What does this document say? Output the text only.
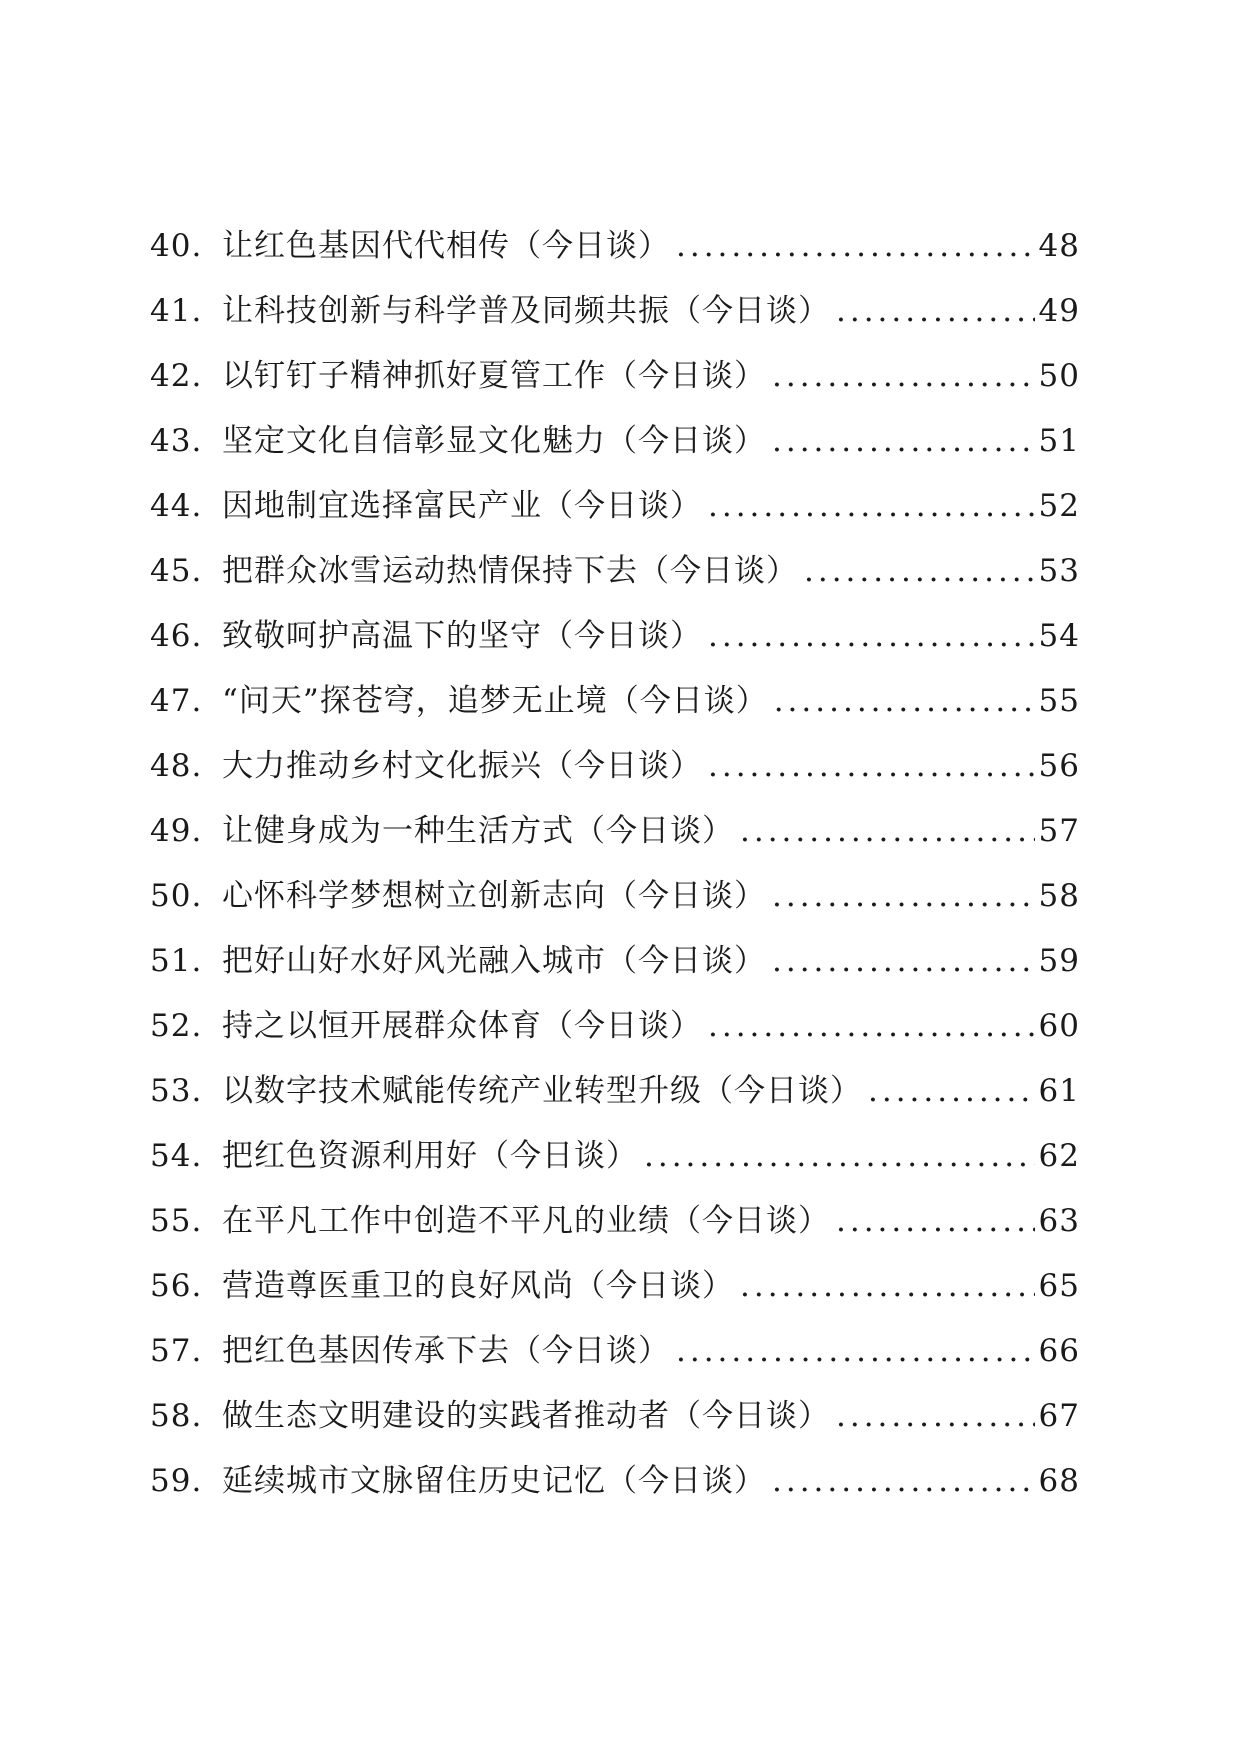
40. 让红色基因代代相传（今日谈） .....	48
41. 让科技创新与科学普及同频共振（今日谈） .....	49
42. 以钉钉子精神抓好夏管工作（今日谈） .....	50
43. 坚定文化自信彰显文化魅力（今日谈） .....	51
44. 因地制宜选择富民产业（今日谈） .....	52
45. 把群众冰雪运动热情保持下去（今日谈） .....	53
46. 致敬呵护高温下的坚守（今日谈） .....	54
47. “问天”探苍穹，追梦无止境（今日谈） .....	55
48. 大力推动乡村文化振兴（今日谈） .....	56
49. 让健身成为一种生活方式（今日谈） .....	57
50. 心怀科学梦想树立创新志向（今日谈） .....	58
51. 把好山好水好风光融入城市（今日谈） .....	59
52. 持之以恒开展群众体育（今日谈） .....	60
53. 以数字技术赋能传统产业转型升级（今日谈） .....	61
54. 把红色资源利用好（今日谈） .....	62
55. 在平凡工作中创造不平凡的业绩（今日谈） .....	63
56. 营造尊医重卫的良好风尚（今日谈） .....	65
57. 把红色基因传承下去（今日谈） .....	66
58. 做生态文明建设的实践者推动者（今日谈） .....	67
59. 延续城市文脉留住历史记忆（今日谈） .....	68
